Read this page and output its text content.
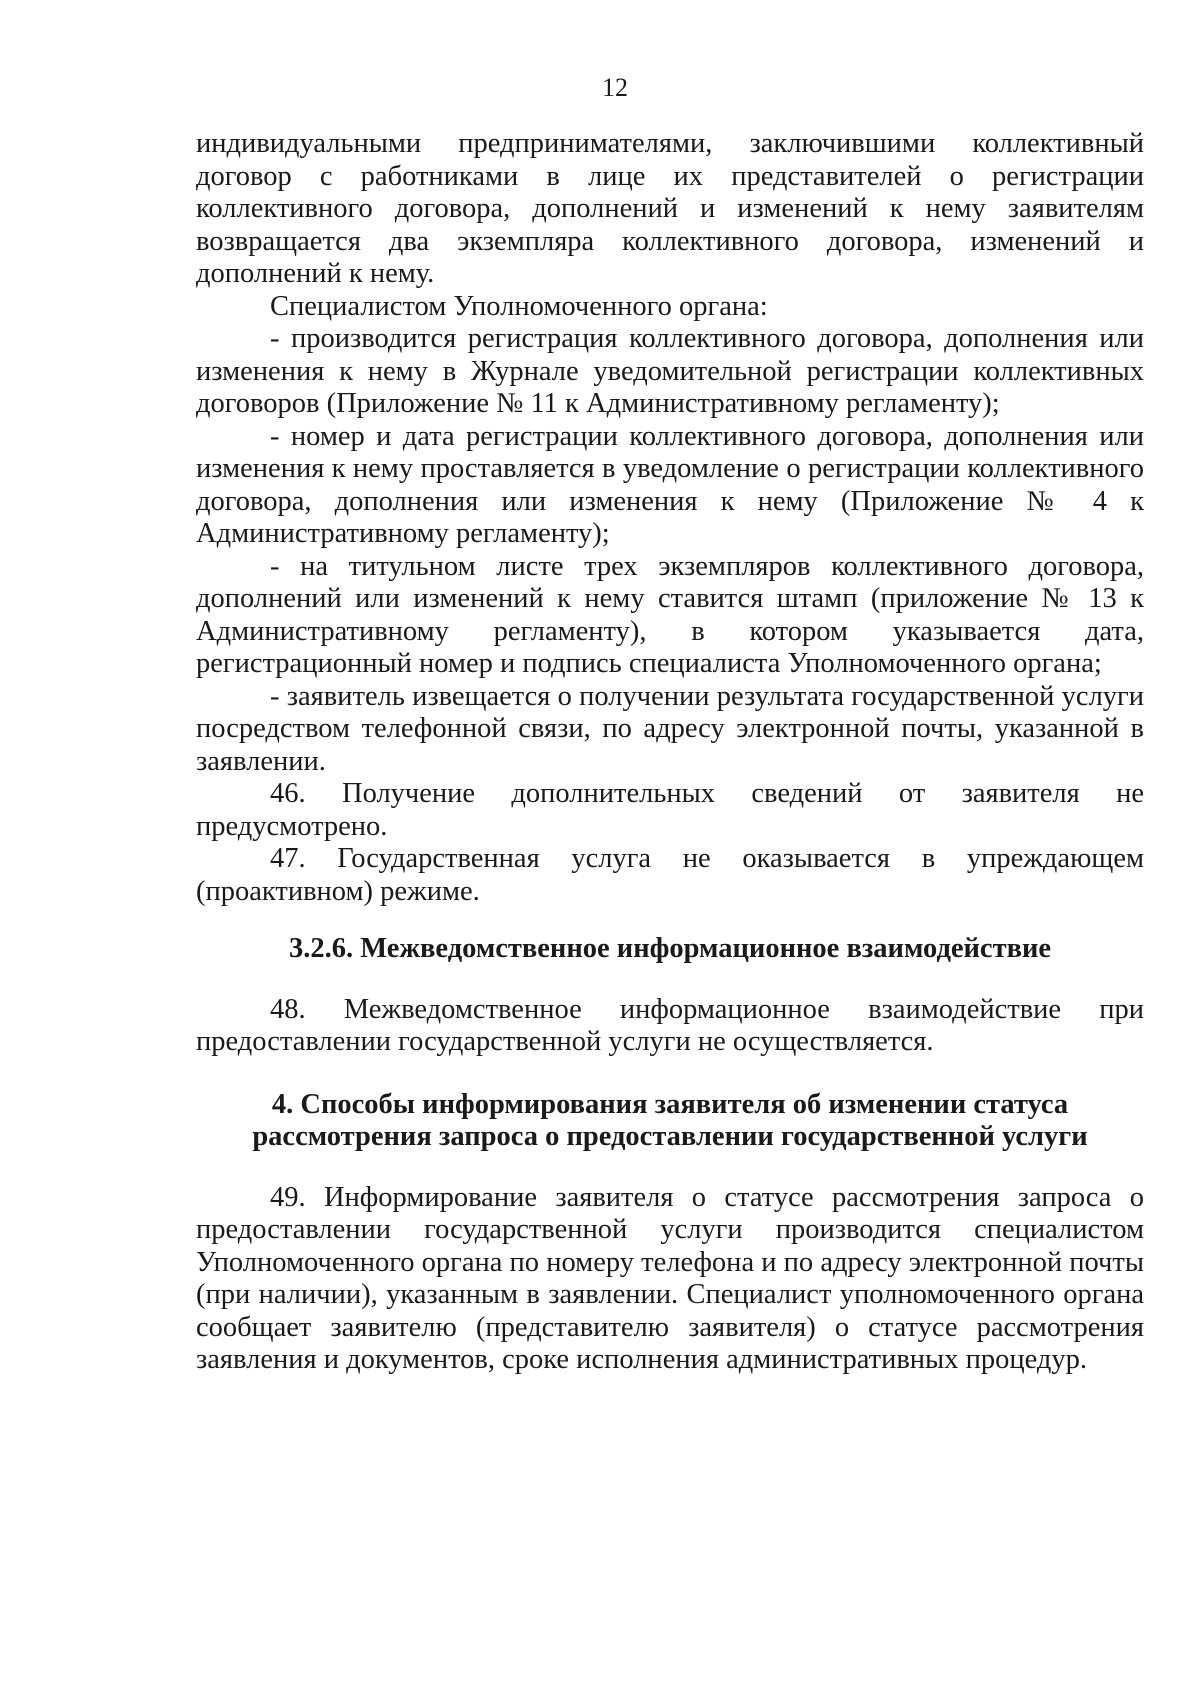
12

индивидуальными предпринимателями, заключившими коллективный договор с работниками в лице их представителей о регистрации коллективного договора, дополнений и изменений к нему заявителям возвращается два экземпляра коллективного договора, изменений и дополнений к нему.

Специалистом Уполномоченного органа:

- производится регистрация коллективного договора, дополнения или изменения к нему в Журнале уведомительной регистрации коллективных договоров (Приложение № 11 к Административному регламенту);

- номер и дата регистрации коллективного договора, дополнения или изменения к нему проставляется в уведомление о регистрации коллективного договора, дополнения или изменения к нему (Приложение № 4 к Административному регламенту);

- на титульном листе трех экземпляров коллективного договора, дополнений или изменений к нему ставится штамп (приложение № 13 к Административному регламенту), в котором указывается дата, регистрационный номер и подпись специалиста Уполномоченного органа;

- заявитель извещается о получении результата государственной услуги посредством телефонной связи, по адресу электронной почты, указанной в заявлении.

46. Получение дополнительных сведений от заявителя не предусмотрено.

47. Государственная услуга не оказывается в упреждающем (проактивном) режиме.

3.2.6. Межведомственное информационное взаимодействие

48. Межведомственное информационное взаимодействие при предоставлении государственной услуги не осуществляется.

4. Способы информирования заявителя об изменении статуса

рассмотрения запроса о предоставлении государственной услуги

49. Информирование заявителя о статусе рассмотрения запроса о предоставлении государственной услуги производится специалистом Уполномоченного органа по номеру телефона и по адресу электронной почты (при наличии), указанным в заявлении. Специалист уполномоченного органа сообщает заявителю (представителю заявителя) о статусе рассмотрения заявления и документов, сроке исполнения административных процедур.
